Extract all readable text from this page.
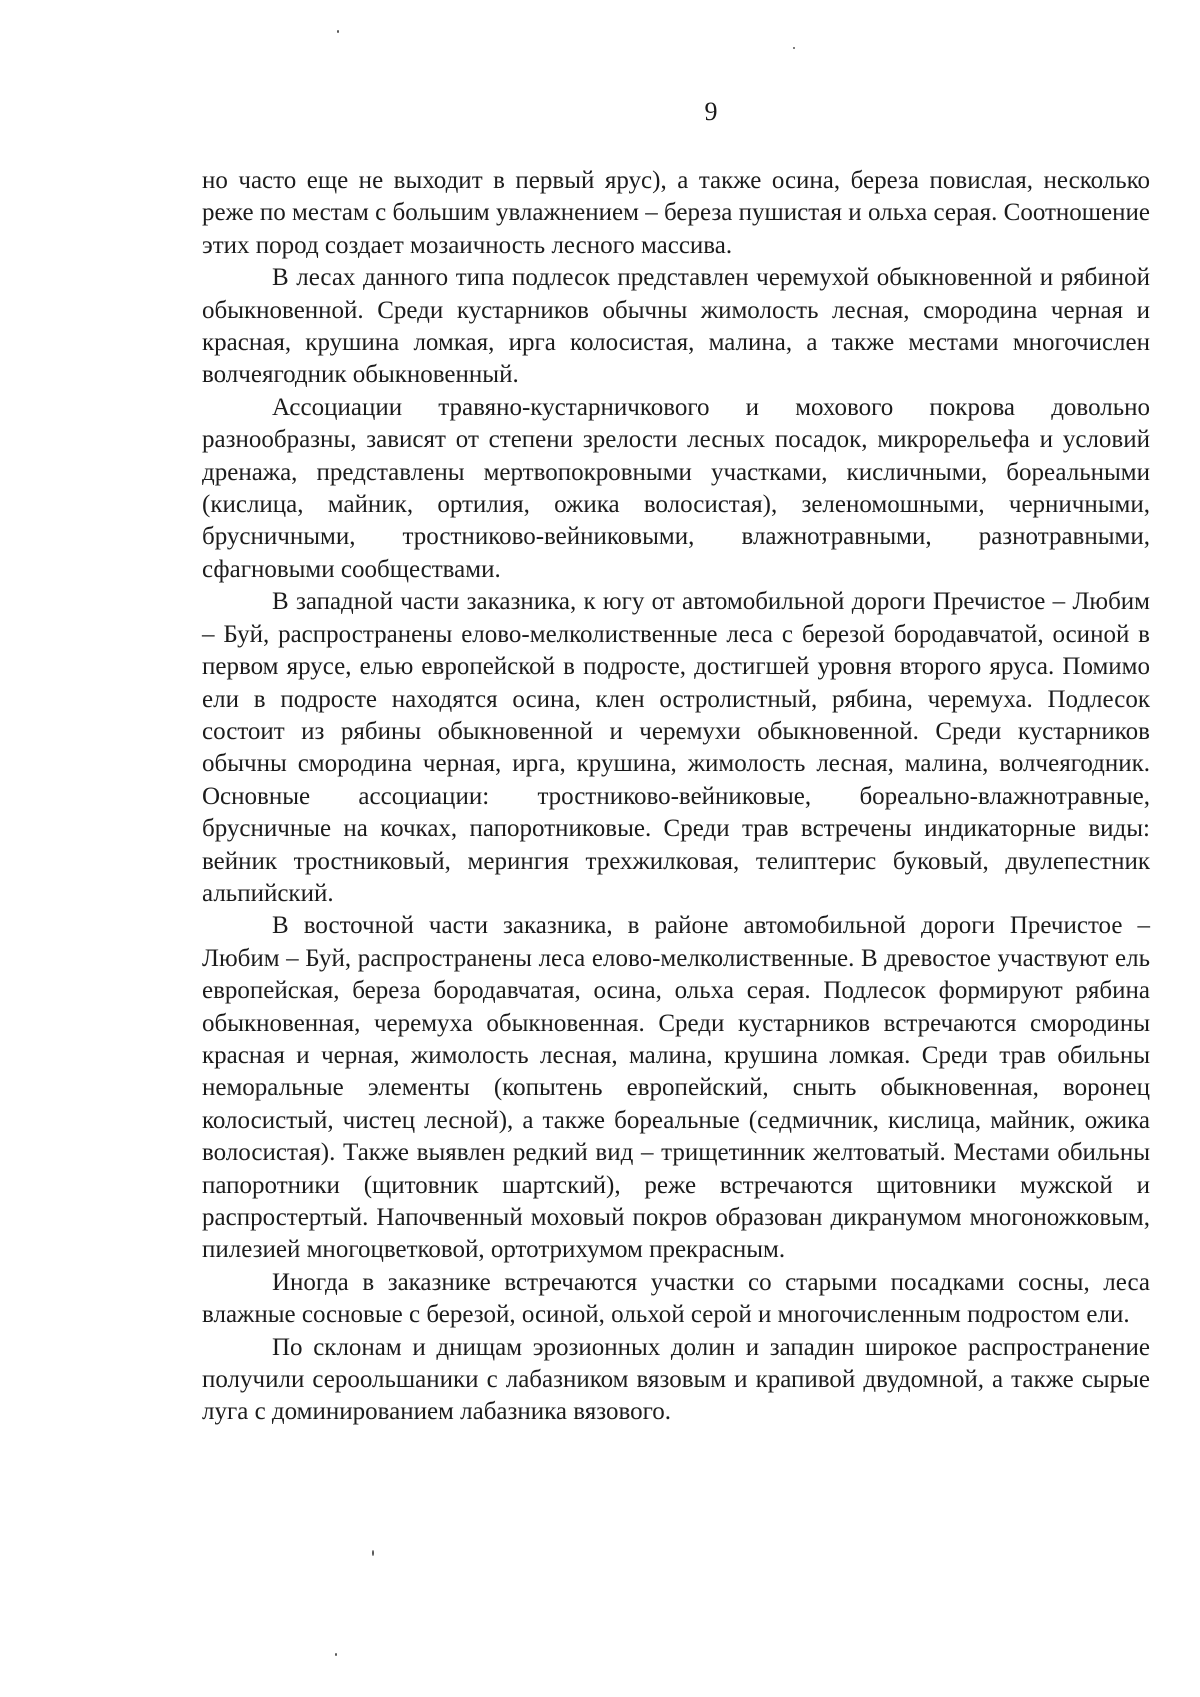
9

но часто еще не выходит в первый ярус), а также осина, береза повислая, несколько реже по местам с большим увлажнением – береза пушистая и ольха серая. Соотношение этих пород создает мозаичность лесного массива.

В лесах данного типа подлесок представлен черемухой обыкновенной и рябиной обыкновенной. Среди кустарников обычны жимолость лесная, смородина черная и красная, крушина ломкая, ирга колосистая, малина, а также местами многочислен волчеягодник обыкновенный.

Ассоциации травяно-кустарничкового и мохового покрова довольно разнообразны, зависят от степени зрелости лесных посадок, микрорельефа и условий дренажа, представлены мертвопокровными участками, кисличными, бореальными (кислица, майник, ортилия, ожика волосистая), зеленомошными, черничными, брусничными, тростниково-вейниковыми, влажнотравными, разнотравными, сфагновыми сообществами.

В западной части заказника, к югу от автомобильной дороги Пречистое – Любим – Буй, распространены елово-мелколиственные леса с березой бородавчатой, осиной в первом ярусе, елью европейской в подросте, достигшей уровня второго яруса. Помимо ели в подросте находятся осина, клен остролистный, рябина, черемуха. Подлесок состоит из рябины обыкновенной и черемухи обыкновенной. Среди кустарников обычны смородина черная, ирга, крушина, жимолость лесная, малина, волчеягодник. Основные ассоциации: тростниково-вейниковые, бореально-влажнотравные, брусничные на кочках, папоротниковые. Среди трав встречены индикаторные виды: вейник тростниковый, мерингия трехжилковая, телиптерис буковый, двулепестник альпийский.

В восточной части заказника, в районе автомобильной дороги Пречистое – Любим – Буй, распространены леса елово-мелколиственные. В древостое участвуют ель европейская, береза бородавчатая, осина, ольха серая. Подлесок формируют рябина обыкновенная, черемуха обыкновенная. Среди кустарников встречаются смородины красная и черная, жимолость лесная, малина, крушина ломкая. Среди трав обильны неморальные элементы (копытень европейский, сныть обыкновенная, воронец колосистый, чистец лесной), а также бореальные (седмичник, кислица, майник, ожика волосистая). Также выявлен редкий вид – трищетинник желтоватый. Местами обильны папоротники (щитовник шартский), реже встречаются щитовники мужской и распростертый. Напочвенный моховый покров образован дикранумом многоножковым, пилезией многоцветковой, ортотрихумом прекрасным.

Иногда в заказнике встречаются участки со старыми посадками сосны, леса влажные сосновые с березой, осиной, ольхой серой и многочисленным подростом ели.

По склонам и днищам эрозионных долин и западин широкое распространение получили сероольшаники с лабазником вязовым и крапивой двудомной, а также сырые луга с доминированием лабазника вязового.
